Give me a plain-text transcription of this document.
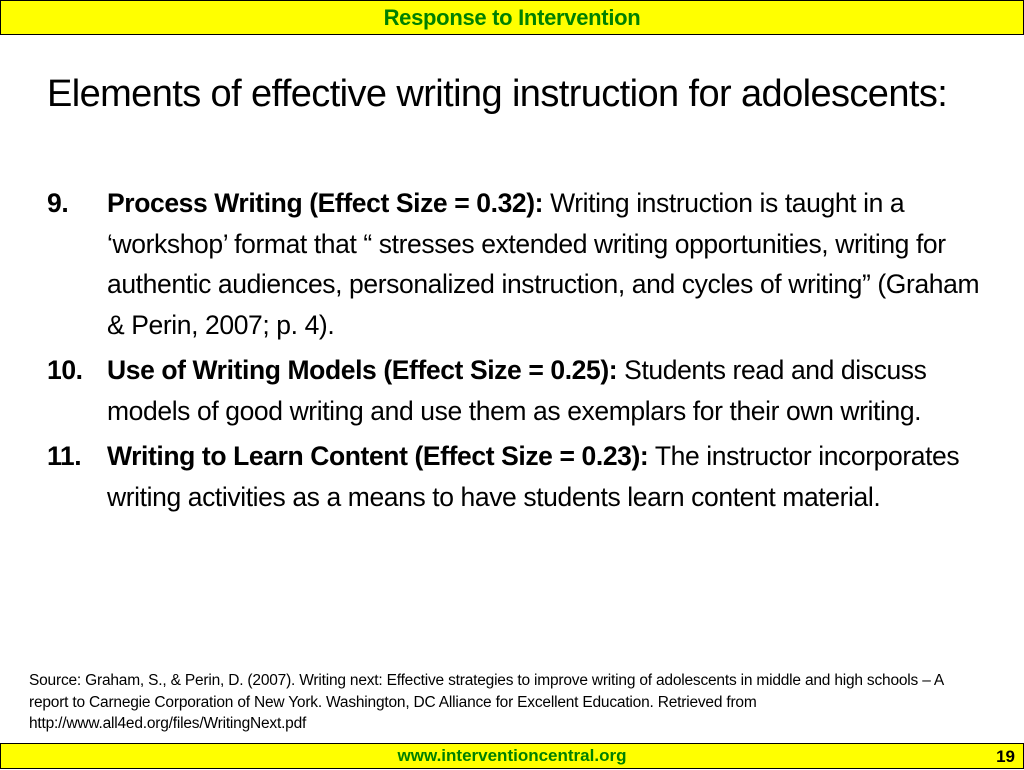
Response to Intervention
Elements of effective writing instruction for adolescents:
9.	Process Writing (Effect Size = 0.32): Writing instruction is taught in a ‘workshop’ format that “ stresses extended writing opportunities, writing for authentic audiences, personalized instruction, and cycles of writing” (Graham & Perin, 2007; p. 4).
10. Use of Writing Models (Effect Size = 0.25): Students read and discuss models of good writing and use them as exemplars for their own writing.
11. Writing to Learn Content (Effect Size = 0.23): The instructor incorporates writing activities as a means to have students learn content material.
Source: Graham, S., & Perin, D. (2007). Writing next: Effective strategies to improve writing of adolescents in middle and high schools – A report to Carnegie Corporation of New York. Washington, DC Alliance for Excellent Education. Retrieved from http://www.all4ed.org/files/WritingNext.pdf
www.interventioncentral.org	19
